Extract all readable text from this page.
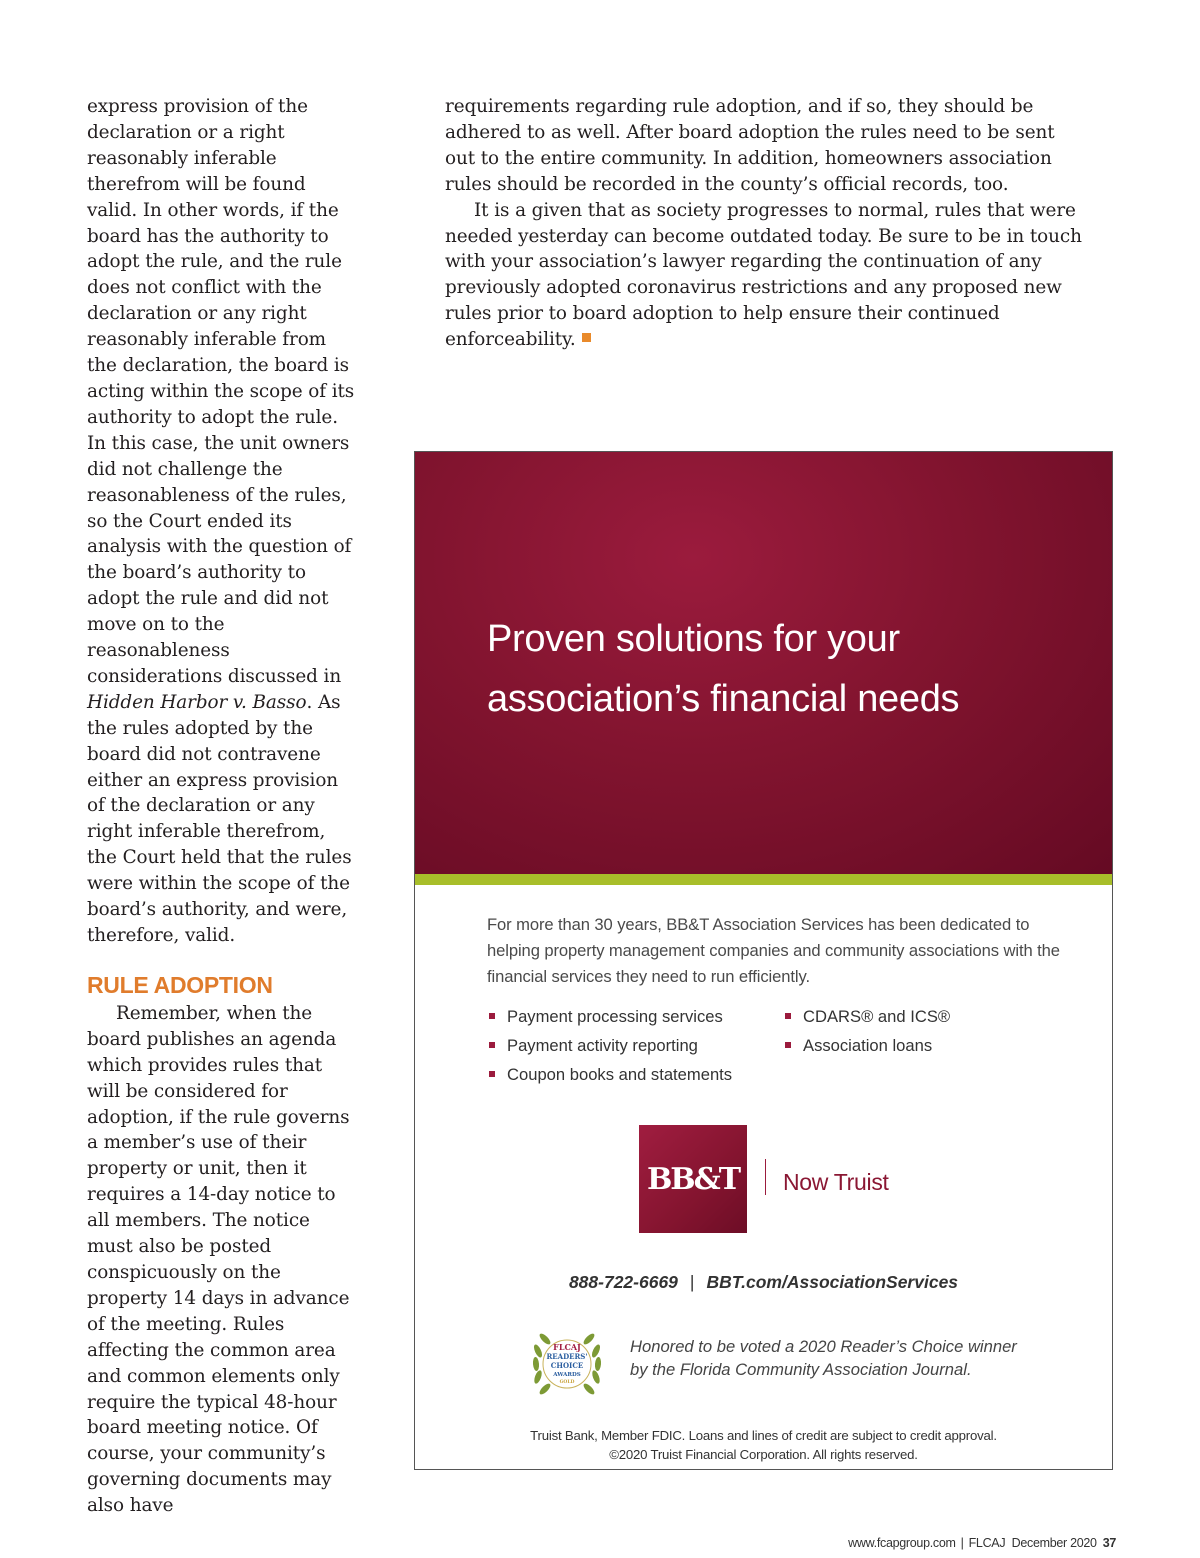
express provision of the declaration or a right reasonably inferable therefrom will be found valid. In other words, if the board has the authority to adopt the rule, and the rule does not conflict with the declaration or any right reasonably inferable from the declaration, the board is acting within the scope of its authority to adopt the rule. In this case, the unit owners did not challenge the reasonableness of the rules, so the Court ended its analysis with the question of the board’s authority to adopt the rule and did not move on to the reasonableness considerations discussed in Hidden Harbor v. Basso. As the rules adopted by the board did not contravene either an express provision of the declaration or any right inferable therefrom, the Court held that the rules were within the scope of the board’s authority, and were, therefore, valid.

RULE ADOPTION

Remember, when the board publishes an agenda which provides rules that will be considered for adoption, if the rule governs a member’s use of their property or unit, then it requires a 14-day notice to all members. The notice must also be posted conspicuously on the property 14 days in advance of the meeting. Rules affecting the common area and common elements only require the typical 48-hour board meeting notice. Of course, your community’s governing documents may also have

requirements regarding rule adoption, and if so, they should be adhered to as well. After board adoption the rules need to be sent out to the entire community. In addition, homeowners association rules should be recorded in the county’s official records, too.

It is a given that as society progresses to normal, rules that were needed yesterday can become outdated today. Be sure to be in touch with your association’s lawyer regarding the continuation of any previously adopted coronavirus restrictions and any proposed new rules prior to board adoption to help ensure their continued enforceability.

Proven solutions for your
association’s financial needs
For more than 30 years, BB&T Association Services has been dedicated to helping property management companies and community associations with the financial services they need to run efficiently.
Payment processing services
Payment activity reporting
Coupon books and statements
CDARS® and ICS®
Association loans
BB&T	Now Truist
888-722-6669 | BBT.com/AssociationServices
FLCAJ
READERS'
CHOICE
AWARDS
GOLD
Honored to be voted a 2020 Reader’s Choice winner
by the Florida Community Association Journal.
Truist Bank, Member FDIC. Loans and lines of credit are subject to credit approval.
©2020 Truist Financial Corporation. All rights reserved.
www.fcapgroup.com | FLCAJ December 2020 37
